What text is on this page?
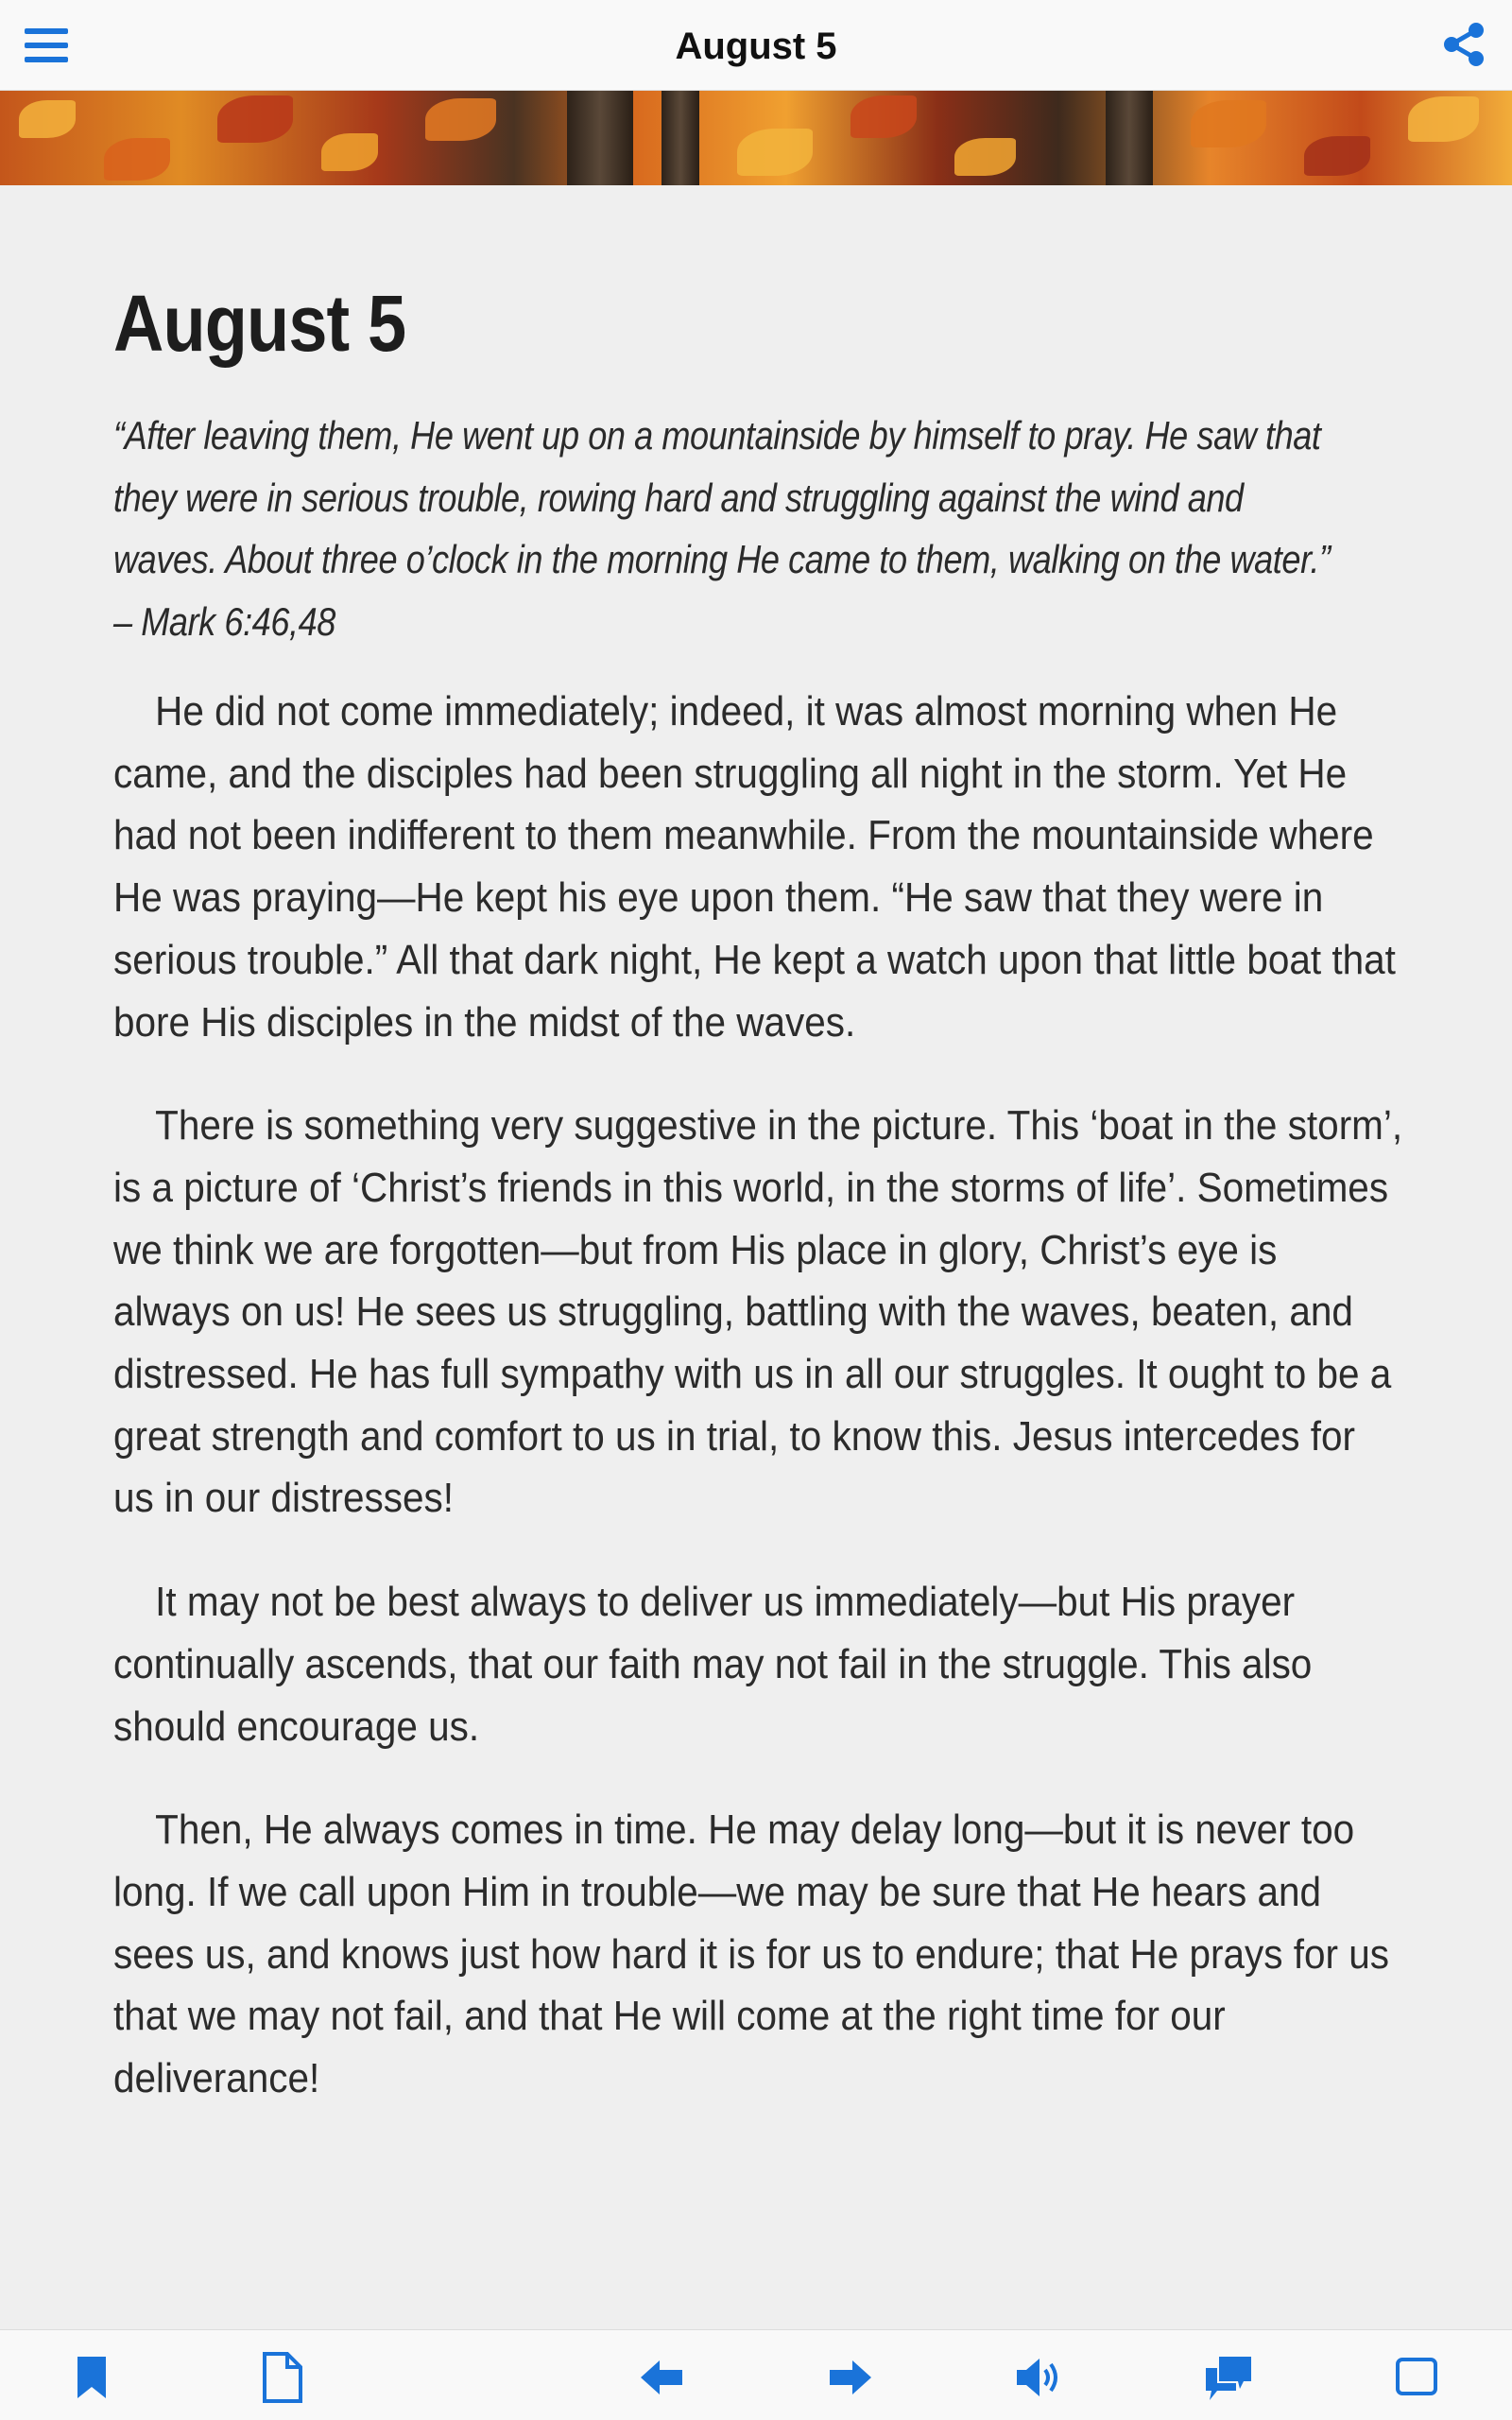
August 5
August 5

“After leaving them, He went up on a mountainside by himself to pray. He saw that they were in serious trouble, rowing hard and struggling against the wind and waves. About three o’clock in the morning He came to them, walking on the water.” – Mark 6:46,48

He did not come immediately; indeed, it was almost morning when He came, and the disciples had been struggling all night in the storm. Yet He had not been indifferent to them meanwhile. From the mountainside where He was praying—He kept his eye upon them. “He saw that they were in serious trouble.” All that dark night, He kept a watch upon that little boat that bore His disciples in the midst of the waves.

There is something very suggestive in the picture. This ‘boat in the storm’, is a picture of ‘Christ’s friends in this world, in the storms of life’. Sometimes we think we are forgotten—but from His place in glory, Christ’s eye is always on us! He sees us struggling, battling with the waves, beaten, and distressed. He has full sympathy with us in all our struggles. It ought to be a great strength and comfort to us in trial, to know this. Jesus intercedes for us in our distresses!

It may not be best always to deliver us immediately—but His prayer continually ascends, that our faith may not fail in the struggle. This also should encourage us.

Then, He always comes in time. He may delay long—but it is never too long. If we call upon Him in trouble—we may be sure that He hears and sees us, and knows just how hard it is for us to endure; that He prays for us that we may not fail, and that He will come at the right time for our deliverance!
